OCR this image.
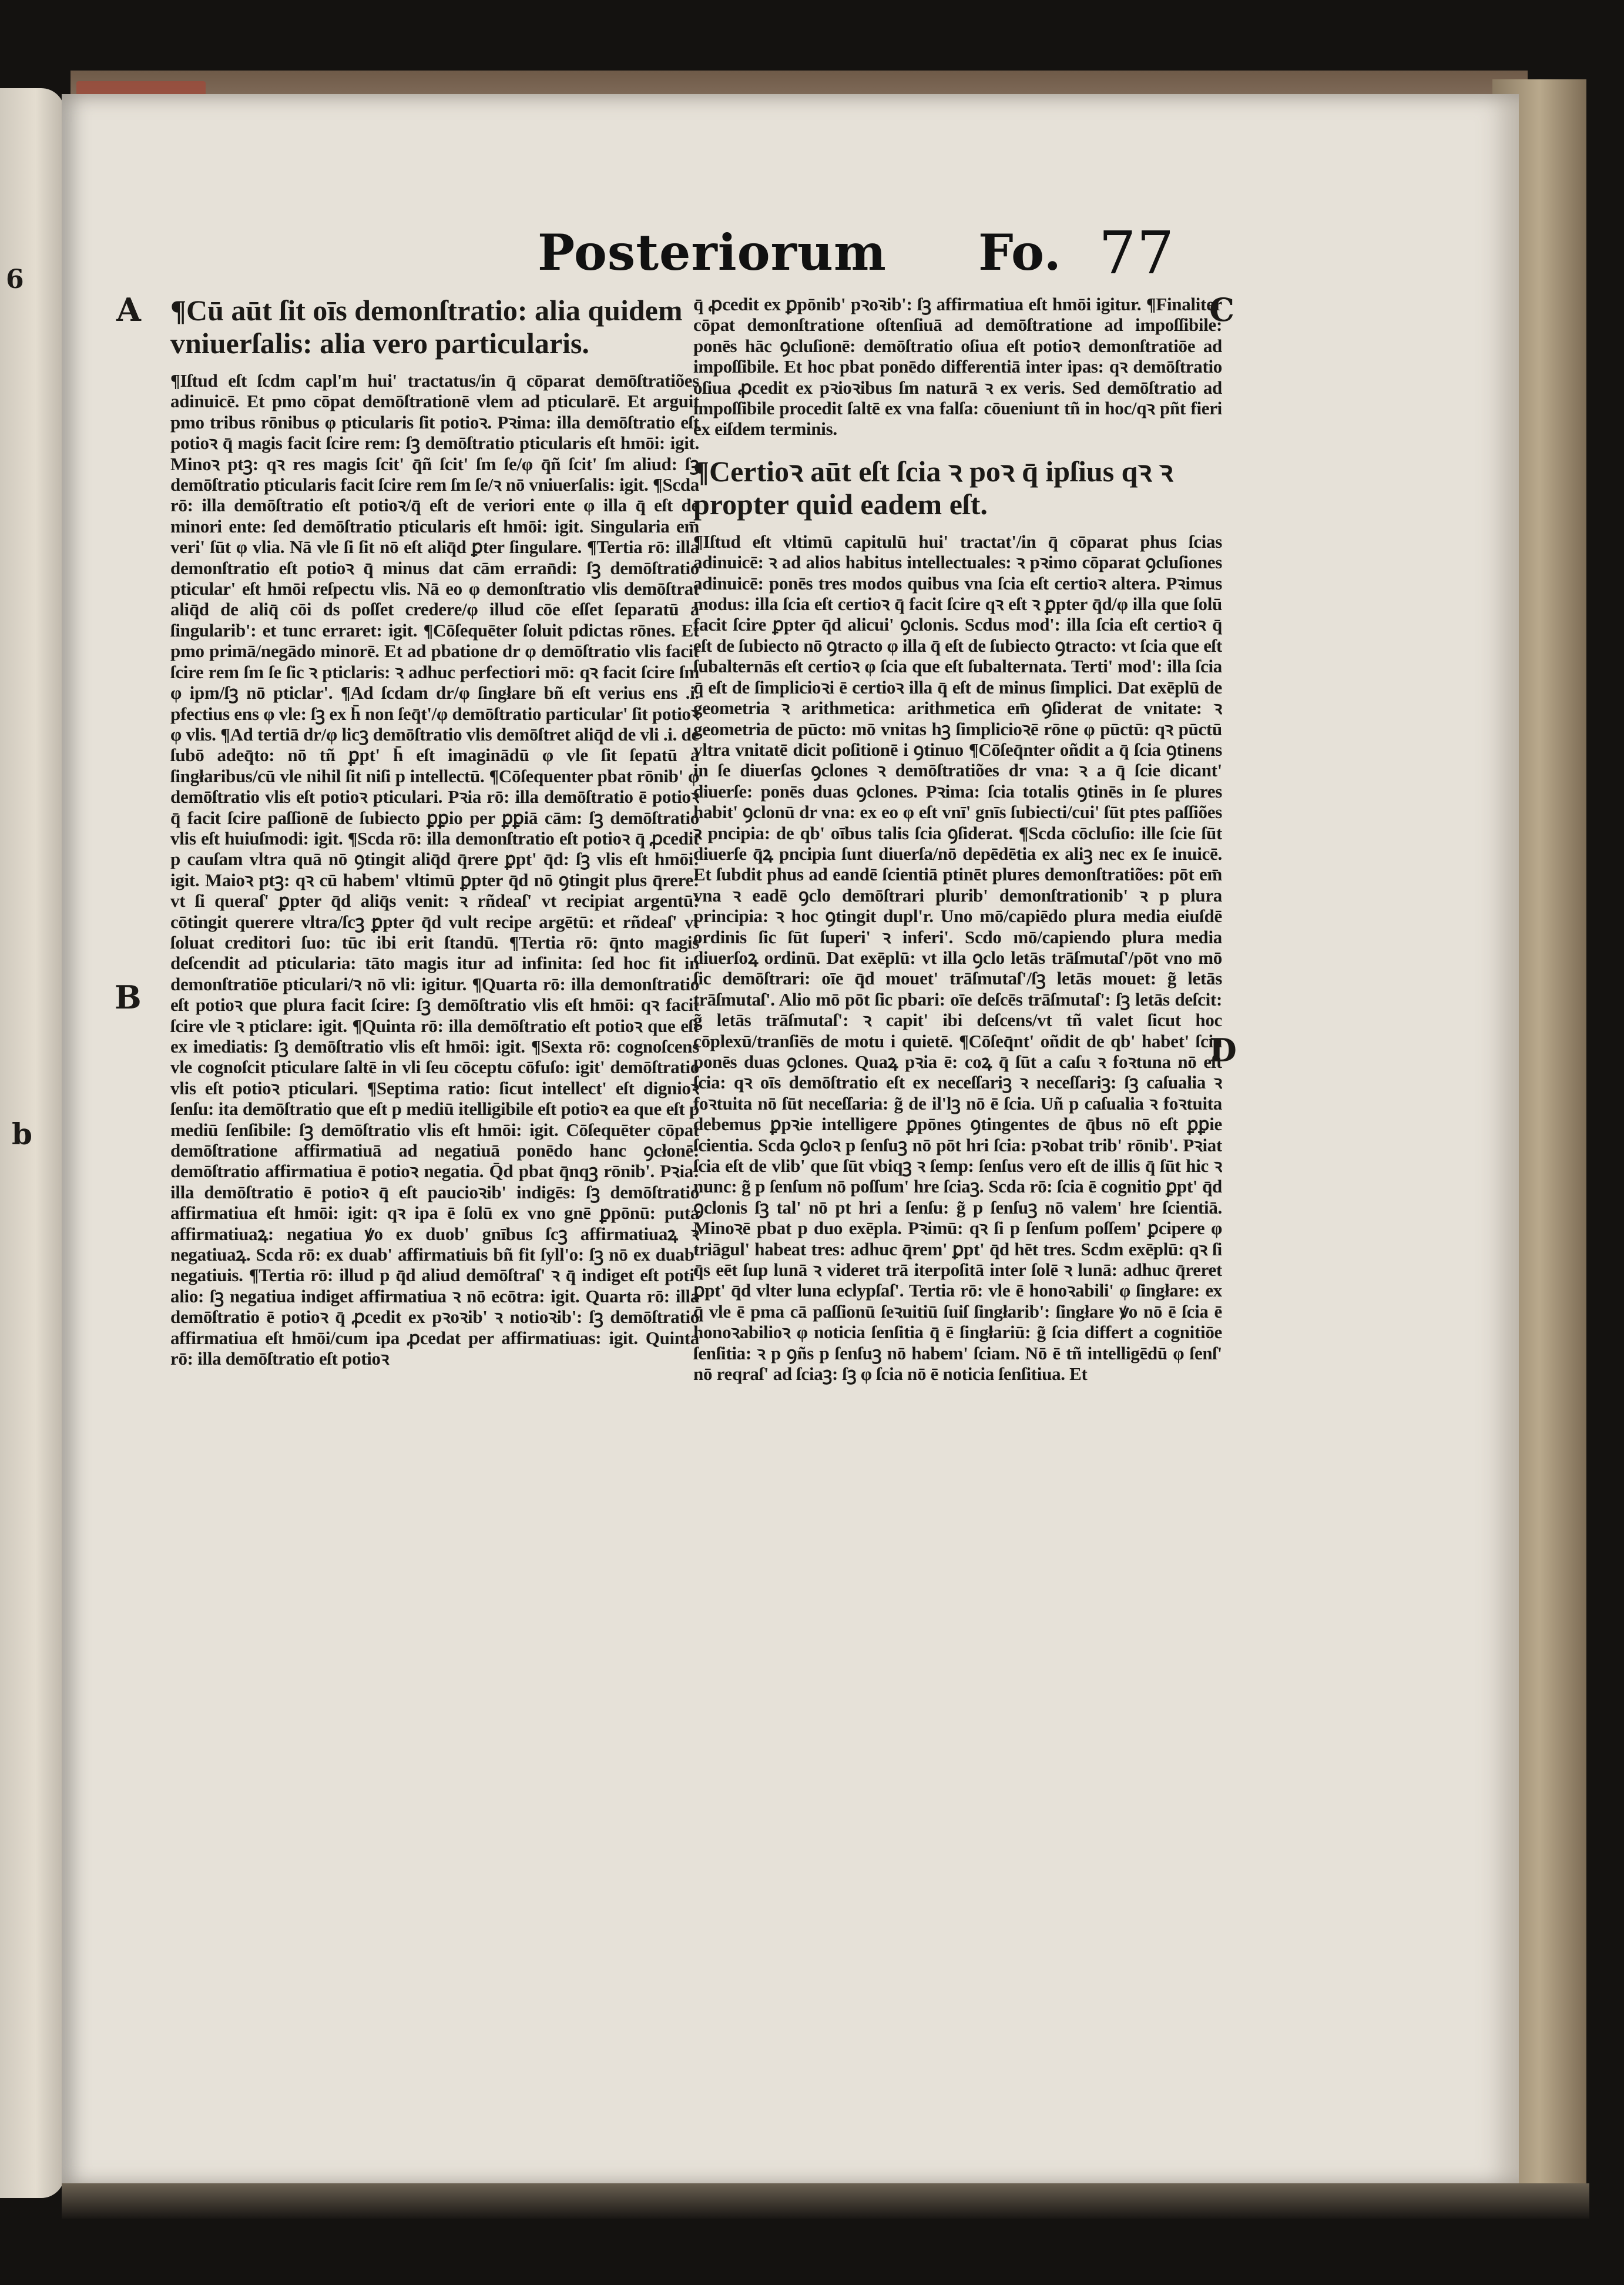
6
b
Posteriorum Fo. 77
A
B
C
D

¶Cū aūt ſit oīs demonſtratio: alia quidem vniuerſalis: alia vero particularis.

¶Iſtud eſt ſcdm capl'm hui' tractatus/in q̄ cōparat demōſtratiões adinuicē. Et pmo cōpat demōſtrationē vlem ad pticularē. Et arguit pmo tribus rōnibus φ pticularis ſit potioꝛ. Pꝛima: illa demōſtratio eſt potioꝛ q̄ magis facit ſcire rem: ſꝫ demōſtratio pticularis eſt hmōi: igit. Minoꝛ ptꝫ: qꝛ res magis ſcit' q̄ñ ſcit' ſm ſe/φ q̄ñ ſcit' ſm aliud: ſꝫ demōſtratio pticularis facit ſcire rem ſm ſe/ꝛ nō vniuerſalis: igit. ¶Scda rō: illa demōſtratio eſt potioꝛ/q̄ eſt de veriori ente φ illa q̄ eſt de minori ente: ſed demōſtratio pticularis eſt hmōi: igit. Singularia em̄ veri' ſūt φ vlia. Nā vle ſi ſit nō eſt aliq̄d ꝑter ſingulare. ¶Tertia rō: illa demonſtratio eſt potioꝛ q̄ minus dat cām erran̄di: ſꝫ demōſtratio pticular' eſt hmōi reſpectu vlis. Nā eo φ demonſtratio vlis demōſtrat aliq̄d de aliq̄ cōi ds poſſet credere/φ illud cōe eſſet ſeparatū a ſingularib': et tunc erraret: igit. ¶Cōſequēter ſoluit pdictas rōnes. Et pmo primā/negādo minorē. Et ad pbatione dr φ demōſtratio vlis facit ſcire rem ſm ſe ſic ꝛ pticlaris: ꝛ adhuc perfectiori mō: qꝛ facit ſcire ſm φ ipm/ſꝫ nō pticlar'. ¶Ad ſcdam dr/φ ſingłare bñ eſt verius ens .i. pfectius ens φ vle: ſꝫ ex h̄ non ſeq̄t'/φ demōſtratio particular' ſit potioꝛ φ vlis. ¶Ad tertiā dr/φ licꝫ demōſtratio vlis demōſtret aliq̄d de vli .i. de ſubō adeq̄to: nō tñ ꝑpt' h̄ eſt imaginādū φ vle ſit ſepatū a ſingłaribus/cū vle nihil ſit niſi p intellectū. ¶Cōſequenter pbat rōnib' φ demōſtratio vlis eſt potioꝛ pticulari. Pꝛia rō: illa demōſtratio ē potioꝛ q̄ facit ſcire paſſionē de ſubiecto ꝑꝑio per ꝑꝑiā cām: ſꝫ demōſtratio vlis eſt huiuſmodi: igit. ¶Scda rō: illa demonſtratio eſt potioꝛ q̄ ꝓcedit p cauſam vltra quā nō ꝯtingit aliq̄d q̄rere ꝑpt' q̄d: ſꝫ vlis eſt hmōi: igit. Maioꝛ ptꝫ: qꝛ cū habem' vltimū ꝑpter q̄d nō ꝯtingit plus q̄rere: vt ſi queraſ' ꝑpter q̄d aliq̄s venit: ꝛ rñdeaſ' vt recipiat argentū: cōtingit querere vltra/ſcꝫ ꝑpter q̄d vult recipe argētū: et rñdeaſ' vt ſoluat creditori ſuo: tūc ibi erit ſtandū. ¶Tertia rō: q̄nto magis deſcendit ad pticularia: tāto magis itur ad infinita: ſed hoc fit in demonſtratiōe pticulari/ꝛ nō vli: igitur. ¶Quarta rō: illa demonſtratio eſt potioꝛ que plura facit ſcire: ſꝫ demōſtratio vlis eſt hmōi: qꝛ facit ſcire vle ꝛ pticlare: igit. ¶Quinta rō: illa demōſtratio eſt potioꝛ que eſt ex imediatis: ſꝫ demōſtratio vlis eſt hmōi: igit. ¶Sexta rō: cognoſcens vle cognoſcit pticulare ſaltē in vli ſeu cōceptu cōfuſo: igit' demōſtratio vlis eſt potioꝛ pticulari. ¶Septima ratio: ſicut intellect' eſt dignioꝛ ſenſu: ita demōſtratio que eſt p mediū itelligibile eſt potioꝛ ea que eſt p mediū ſenſibile: ſꝫ demōſtratio vlis eſt hmōi: igit. Cōſequēter cōpat demōſtratione affirmatiuā ad negatiuā ponēdo hanc ꝯcłonē: demōſtratio affirmatiua ē potioꝛ negatia. Q̄d pbat q̄nqꝫ rōnib'. Pꝛia: illa demōſtratio ē potioꝛ q̄ eſt paucioꝛib' indigēs: ſꝫ demōſtratio affirmatiua eſt hmōi: igit: qꝛ ipa ē ſolū ex vno gnē ꝑpōnū: puta affirmatiuaꝝ: negatiua ꝟo ex duob' gnībus ſcꝫ affirmatiuaꝝ ꝛ negatiuaꝝ. Scda rō: ex duab' affirmatiuis bñ fit ſyll'o: ſꝫ nō ex duab' negatiuis. ¶Tertia rō: illud p q̄d aliud demōſtraſ' ꝛ q̄ indiget eſt poti' alio: ſꝫ negatiua indiget affirmatiua ꝛ nō ecōtra: igit. Quarta rō: illa demōſtratio ē potioꝛ q̄ ꝓcedit ex pꝛoꝛib' ꝛ notioꝛib': ſꝫ demōſtratio affirmatiua eſt hmōi/cum ipa ꝓcedat per affirmatiuas: igit. Quinta rō: illa demōſtratio eſt potioꝛ

q̄ ꝓcedit ex ꝑpōnib' pꝛoꝛib': ſꝫ affirmatiua eſt hmōi igitur. ¶Finaliter cōpat demonſtratione oſtenſiuā ad demōſtratione ad impoſſibile: ponēs hāc ꝯcluſionē: demōſtratio oſiua eſt potioꝛ demonſtratiōe ad impoſſibile. Et hoc pbat ponēdo differentiā inter ipas: qꝛ demōſtratio oſiua ꝓcedit ex pꝛioꝛibus ſm naturā ꝛ ex veris. Sed demōſtratio ad impoſſibile procedit ſaltē ex vna falſa: cōueniunt tñ in hoc/qꝛ pñt fieri ex eiſdem terminis.

¶Certioꝛ aūt eſt ſcia ꝛ poꝛ q̄ ipſius qꝛ ꝛ propter quid eadem eſt.

¶Iſtud eſt vltimū capitulū hui' tractat'/in q̄ cōparat phus ſcias adinuicē: ꝛ ad alios habitus intellectuales: ꝛ pꝛimo cōparat ꝯcluſiones adinuicē: ponēs tres modos quibus vna ſcia eſt certioꝛ altera. Pꝛimus modus: illa ſcia eſt certioꝛ q̄ facit ſcire qꝛ eſt ꝛ ꝑpter q̄d/φ illa que ſolū facit ſcire ꝑpter q̄d alicui' ꝯclonis. Scdus mod': illa ſcia eſt certioꝛ q̄ eſt de ſubiecto nō ꝯtracto φ illa q̄ eſt de ſubiecto ꝯtracto: vt ſcia que eſt ſubalternās eſt certioꝛ φ ſcia que eſt ſubalternata. Terti' mod': illa ſcia q̄ eſt de ſimplicioꝛi ē certioꝛ illa q̄ eſt de minus ſimplici. Dat exēplū de geometria ꝛ arithmetica: arithmetica em̄ ꝯſiderat de vnitate: ꝛ geometria de pūcto: mō vnitas hꝫ ſimplicioꝛē rōne φ pūctū: qꝛ pūctū vltra vnitatē dicit poſitionē i ꝯtinuo ¶Cōſeq̄nter oñdit a q̄ ſcia ꝯtinens in ſe diuerſas ꝯclones ꝛ demōſtratiões dr vna: ꝛ a q̄ ſcie dicant' diuerſe: ponēs duas ꝯclones. Pꝛima: ſcia totalis ꝯtinēs in ſe plures habit' ꝯclonū dr vna: ex eo φ eſt vnī' gnīs ſubiecti/cui' ſūt ptes paſſiões ꝛ pncipia: de qb' oībus talis ſcia ꝯſiderat. ¶Scda cōcluſio: ille ſcie ſūt diuerſe q̄ꝝ pncipia ſunt diuerſa/nō depēdētia ex aliꝫ nec ex ſe inuicē. Et ſubdit phus ad eandē ſcientiā ptinēt plures demonſtratiões: pōt em̄ vna ꝛ eadē ꝯclo demōſtrari plurib' demonſtrationib' ꝛ p plura principia: ꝛ hoc ꝯtingit dupl'r. Uno mō/capiēdo plura media eiuſdē ordinis ſic ſūt ſuperi' ꝛ inferi'. Scdo mō/capiendo plura media diuerſoꝝ ordinū. Dat exēplū: vt illa ꝯclo letās trāſmutaſ'/pōt vno mō ſic demōſtrari: oīe q̄d mouet' trāſmutaſ'/ſꝫ letās mouet: g̃ letās trāſmutaſ'. Alio mō pōt ſic pbari: oīe deſcēs trāſmutaſ': ſꝫ letās deſcit: g̃ letās trāſmutaſ': ꝛ capit' ibi deſcens/vt tñ valet ſicut hoc cōplexū/tranſiēs de motu i quietē. ¶Cōſeq̄nt' oñdit de qb' habet' ſcia ponēs duas ꝯclones. Quaꝝ pꝛia ē: coꝝ q̄ ſūt a caſu ꝛ foꝛtuna nō eſt ſcia: qꝛ oīs demōſtratio eſt ex neceſſariꝫ ꝛ neceſſariꝫ: ſꝫ caſualia ꝛ foꝛtuita nō ſūt neceſſaria: g̃ de il'lꝫ nō ē ſcia. Uñ p caſualia ꝛ foꝛtuita debemus ꝑpꝛie intelligere ꝑpōnes ꝯtingentes de q̄bus nō eſt ꝑꝑie ſcientia. Scda ꝯcloꝛ p ſenſuꝫ nō pōt hri ſcia: pꝛobat trib' rōnib'. Pꝛiat ſcia eſt de vlib' que ſūt vbiqꝫ ꝛ ſemp: ſenſus vero eſt de illis q̄ ſūt hic ꝛ nunc: g̃ p ſenſum nō poſſum' hre ſciaꝫ. Scda rō: ſcia ē cognitio ꝑpt' q̄d ꝯclonis ſꝫ tal' nō pt hri a ſenſu: g̃ p ſenſuꝫ nō valem' hre ſcientiā. Minoꝛē pbat p duo exēpla. Pꝛimū: qꝛ ſi p ſenſum poſſem' ꝑcipere φ triāgul' habeat tres: adhuc q̄rem' ꝑpt' q̄d hēt tres. Scdm exēplū: qꝛ ſi q̄s eēt ſup lunā ꝛ videret trā iterpoſitā inter ſolē ꝛ lunā: adhuc q̄reret ꝑpt' q̄d vlter luna eclypſaſ'. Tertia rō: vle ē honoꝛabili' φ ſingłare: ex q̄ vle ē pma cā paſſionū ſeꝛuitiū ſuiſ ſingłarib': ſingłare ꝟo nō ē ſcia ē honoꝛabilioꝛ φ noticia ſenſitia q̄ ē ſingłariū: g̃ ſcia differt a cognitiōe ſenſitia: ꝛ p ꝯñs p ſenſuꝫ nō habem' ſciam. Nō ē tñ intelligēdū φ ſenſ' nō reqraſ' ad ſciaꝫ: ſꝫ φ ſcia nō ē noticia ſenſitiua. Et
